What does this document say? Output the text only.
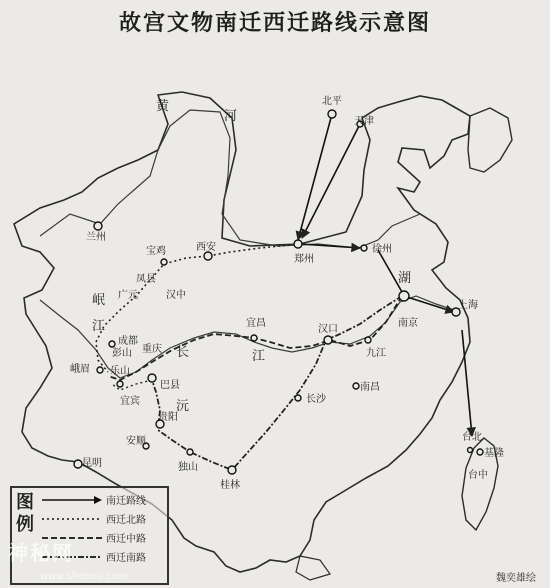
故宫文物南迁西迁路线示意图
北平
天津
徐州
郑州
西安
宝鸡
兰州
凤县
汉中
广元
成都
峨眉
彭山
乐山
宜宾
重庆
巴县
贵阳
安顺
独山
桂林
长沙
南昌
汉口
九江
南京
上海
宜昌
昆明
台北
基隆
台中
黄
河
长	江
岷
江
湖
沅
图例
南迁路线
西迁北路
西迁中路
西迁南路
神秘网
www.shenmi.com	魏奕雄绘
